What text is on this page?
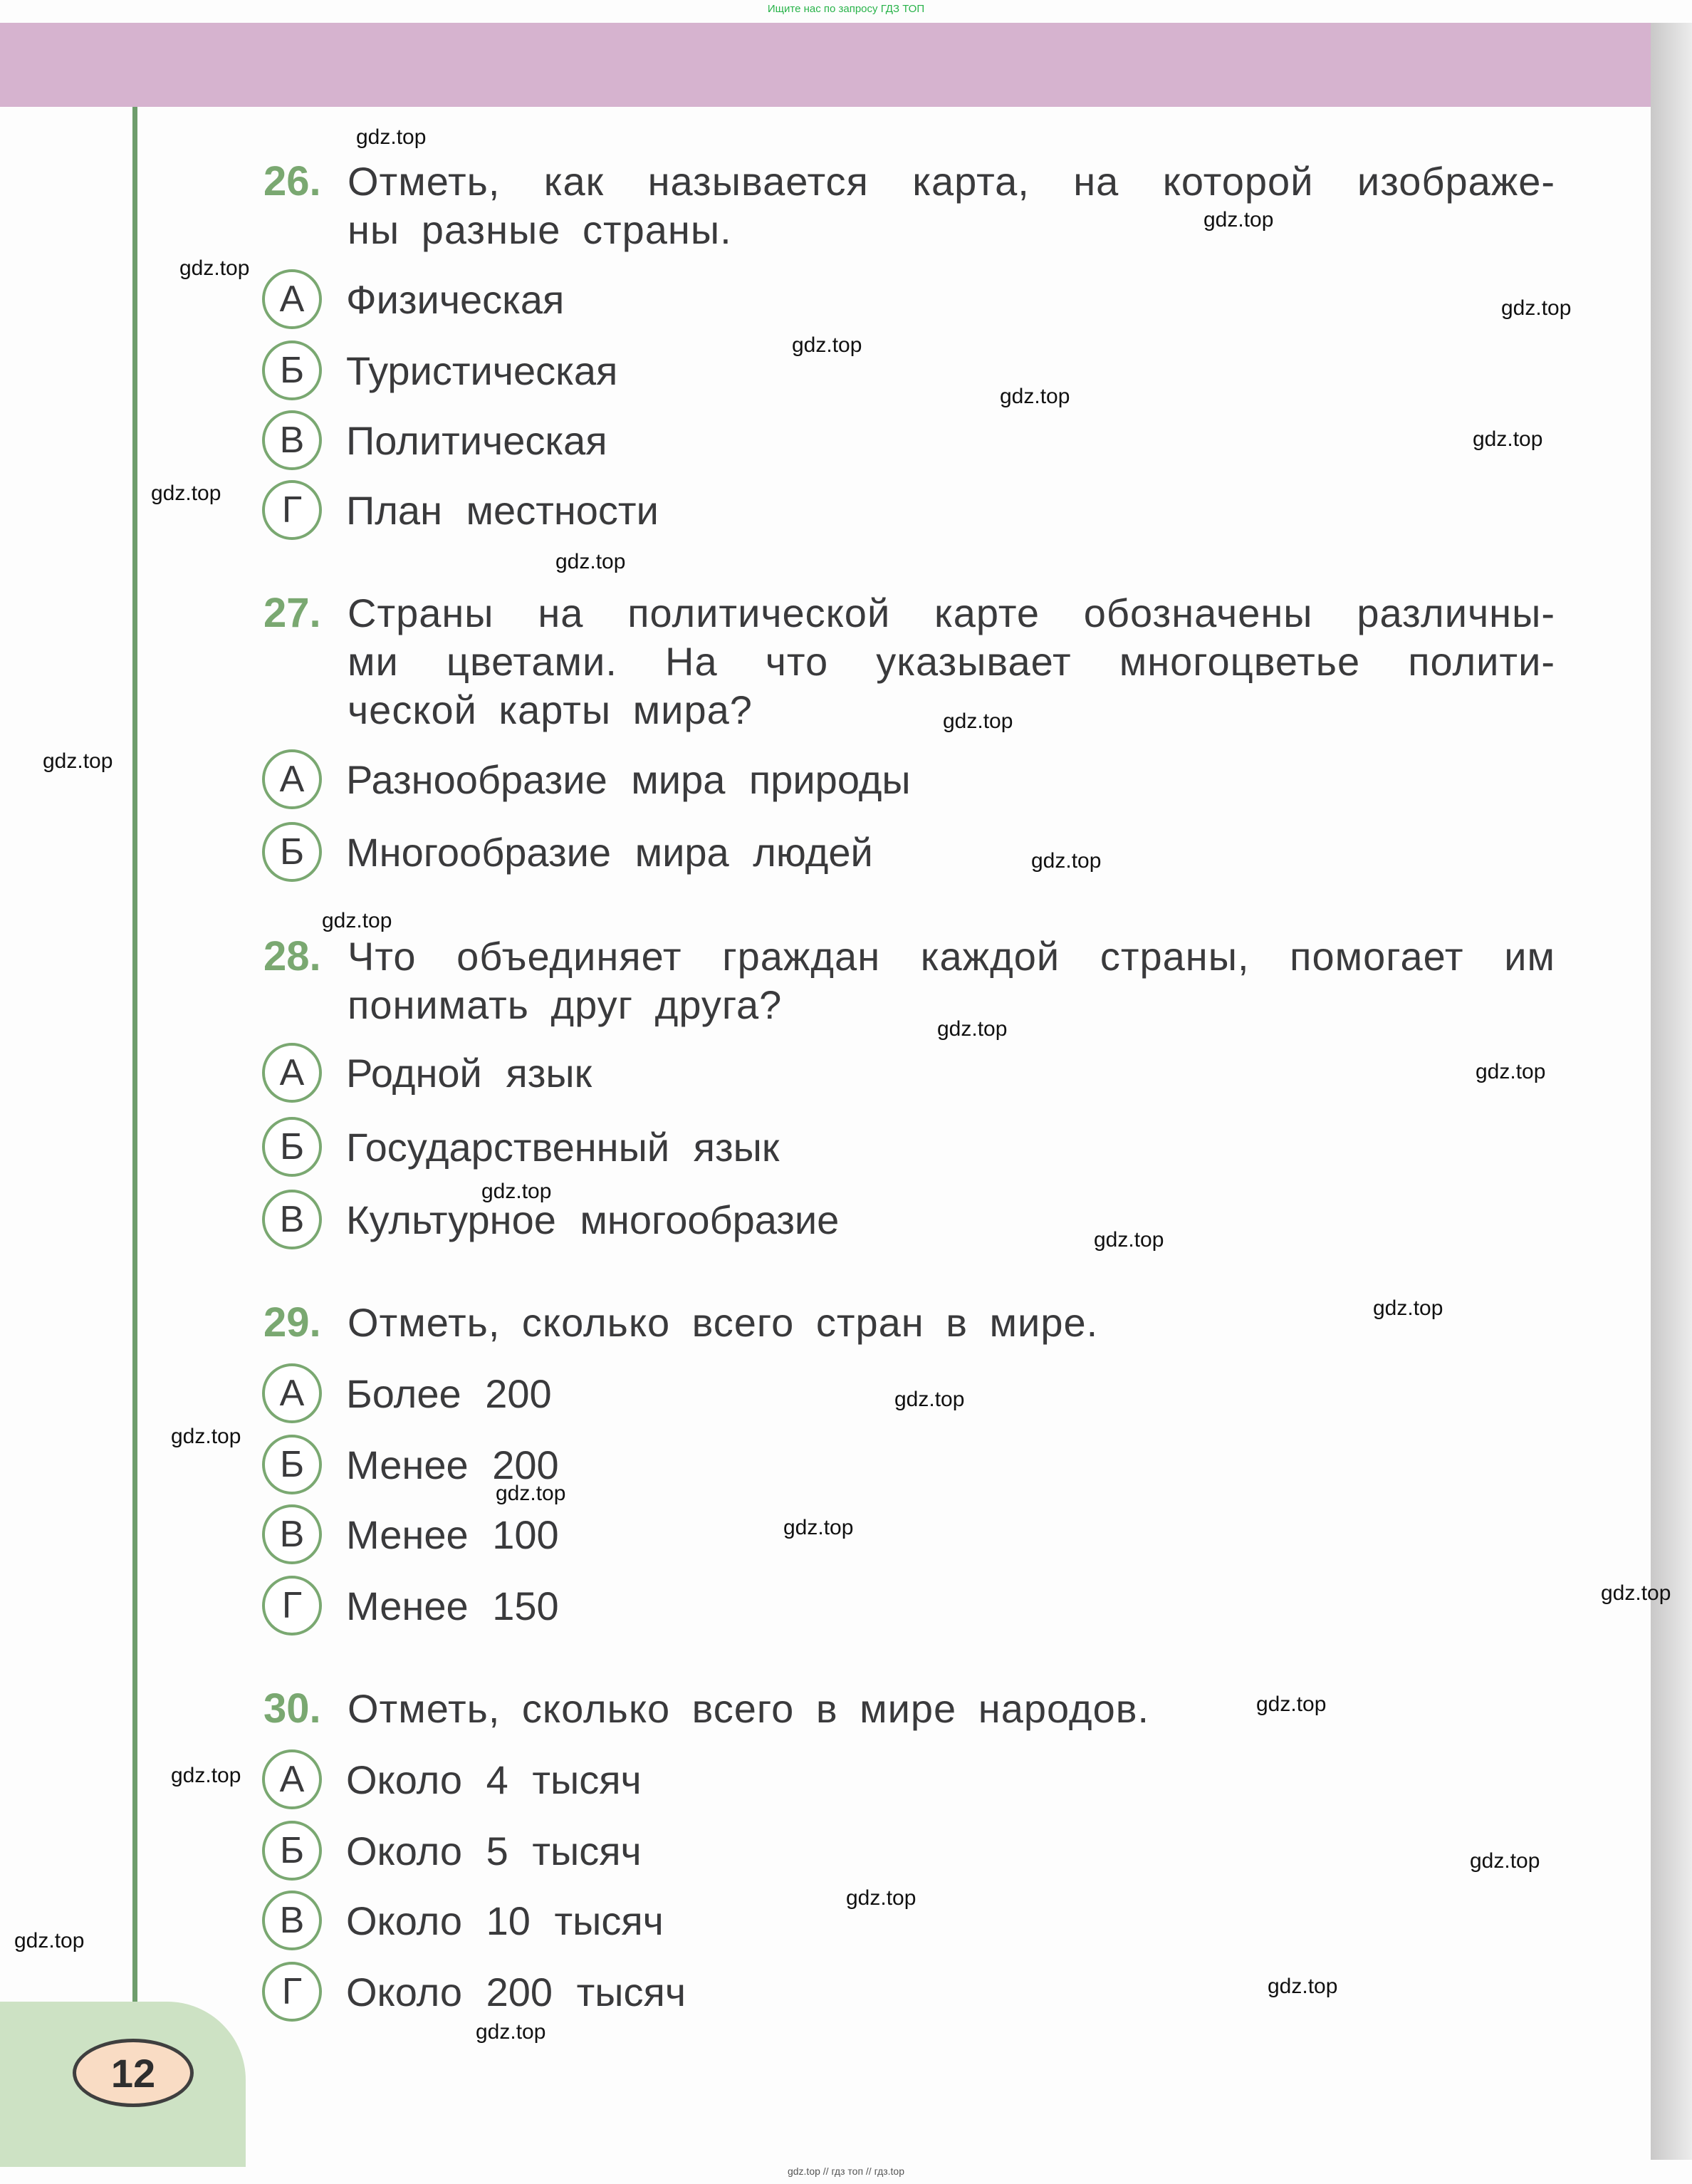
Ищите нас по запросу ГДЗ ТОП
12
gdz.top // гдз топ // гдз.top
26. Отметь, как называется карта, на которой изображе-
ны разные страны.
А	Физическая
Б	Туристическая
В	Политическая
Г	План местности
27. Страны на политической карте обозначены различны-
ми цветами. На что указывает многоцветье полити-
ческой карты мира?
А	Разнообразие мира природы
Б	Многообразие мира людей
28. Что объединяет граждан каждой страны, помогает им
понимать друг друга?
А	Родной язык
Б	Государственный язык
В	Культурное многообразие
29. Отметь, сколько всего стран в мире.
А	Более 200
Б	Менее 200
В	Менее 100
Г	Менее 150
30. Отметь, сколько всего в мире народов.
А	Около 4 тысяч
Б	Около 5 тысяч
В	Около 10 тысяч
Г	Около 200 тысяч
gdz.top
gdz.top
gdz.top
gdz.top
gdz.top
gdz.top
gdz.top
gdz.top
gdz.top
gdz.top
gdz.top
gdz.top
gdz.top
gdz.top
gdz.top
gdz.top
gdz.top
gdz.top
gdz.top
gdz.top
gdz.top
gdz.top
gdz.top
gdz.top
gdz.top
gdz.top
gdz.top
gdz.top
gdz.top
gdz.top
